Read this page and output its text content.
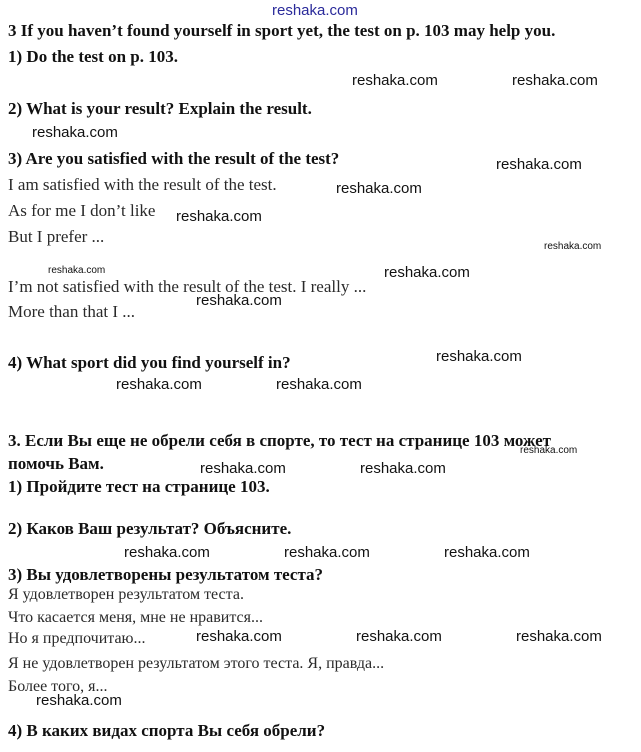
3 If you haven’t found yourself in sport yet, the test on p. 103 may help you.
1) Do the test on p. 103.
2) What is your result? Explain the result.
3) Are you satisfied with the result of the test?
I am satisfied with the result of the test.
As for me I don’t like
But I prefer ...
I’m not satisfied with the result of the test. I really ...
More than that I ...
4) What sport did you find yourself in?
3. Если Вы еще не обрели себя в спорте, то тест на странице 103 может
помочь Вам.
1) Пройдите тест на странице 103.
2) Каков Ваш результат? Объясните.
3) Вы удовлетворены результатом теста?
Я удовлетворен результатом теста.
Что касается меня, мне не нравится...
Но я предпочитаю...
Я не удовлетворен результатом этого теста. Я, правда...
Более того, я...
4) В каких видах спорта Вы себя обрели?
reshaka.com
reshaka.com	reshaka.com
reshaka.com
reshaka.com
reshaka.com
reshaka.com
reshaka.com
reshaka.com	reshaka.com
reshaka.com
reshaka.com
reshaka.com	reshaka.com
reshaka.com
reshaka.com	reshaka.com
reshaka.com	reshaka.com	reshaka.com
reshaka.com	reshaka.com	reshaka.com
reshaka.com
